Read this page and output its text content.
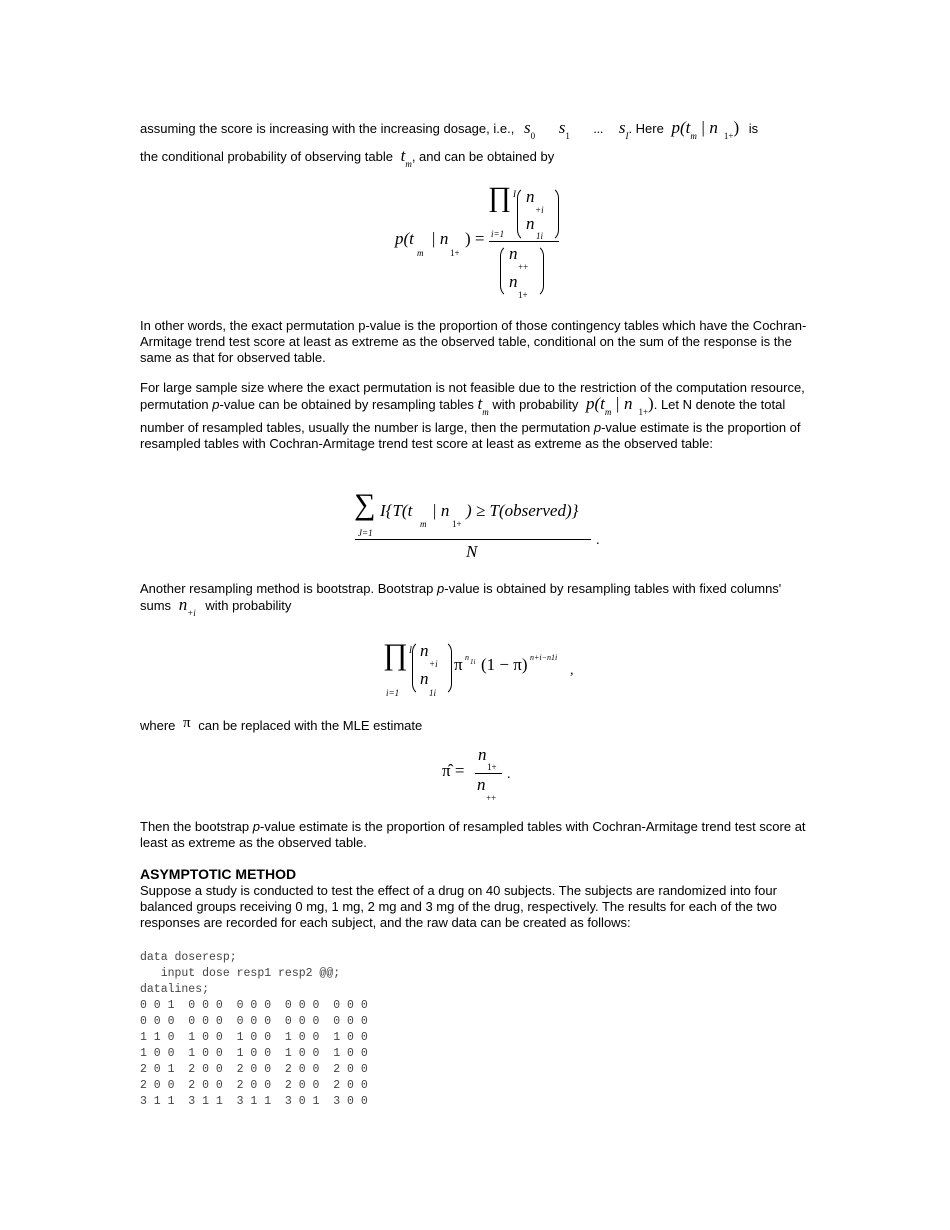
assuming the score is increasing with the increasing dosage, i.e., $s_0$ $s_1$ ... $s_I$. Here $p(t_m$ | n $_{1+}$) is
the conditional probability of observing table $t_m$, and can be obtained by
p(t
m
| n
1+
) =
∏ I n
+i
n
i=1	1i
n
++
n
1+
In other words, the exact permutation p-value is the proportion of those contingency tables which have the Cochran-Armitage trend test score at least as extreme as the observed table, conditional on the sum of the response is the same as that for observed table.
For large sample size where the exact permutation is not feasible due to the restriction of the computation resource, permutation p-value can be obtained by resampling tables $t_m$ with probability $p(t_m$ | n $_{1+}$). Let N denote the total number of resampled tables, usually the number is large, then the permutation p-value estimate is the proportion of resampled tables with Cochran-Armitage trend test score at least as extreme as the observed table:
∑ I{T(t
m
| n
1+
) ≥ T(observed)}
J=1
N
.
Another resampling method is bootstrap. Bootstrap p-value is obtained by resampling tables with fixed columns' sums $n_{+i}$ with probability
∏ I n
+i
n
1i
i=1
π n 1i (1 − π) n+i−n1i
,
where π can be replaced with the MLE estimate
π̂ =
n
1+
n
++
.
Then the bootstrap p-value estimate is the proportion of resampled tables with Cochran-Armitage trend test score at least as extreme as the observed table.
ASYMPTOTIC METHOD
Suppose a study is conducted to test the effect of a drug on 40 subjects. The subjects are randomized into four balanced groups receiving 0 mg, 1 mg, 2 mg and 3 mg of the drug, respectively. The results for each of the two responses are recorded for each subject, and the raw data can be created as follows:
data doseresp;
input dose resp1 resp2 @@;
datalines;
0 0 1  0 0 0  0 0 0  0 0 0  0 0 0
0 0 0  0 0 0  0 0 0  0 0 0  0 0 0
1 1 0  1 0 0  1 0 0  1 0 0  1 0 0
1 0 0  1 0 0  1 0 0  1 0 0  1 0 0
2 0 1  2 0 0  2 0 0  2 0 0  2 0 0
2 0 0  2 0 0  2 0 0  2 0 0  2 0 0
3 1 1  3 1 1  3 1 1  3 0 1  3 0 0
